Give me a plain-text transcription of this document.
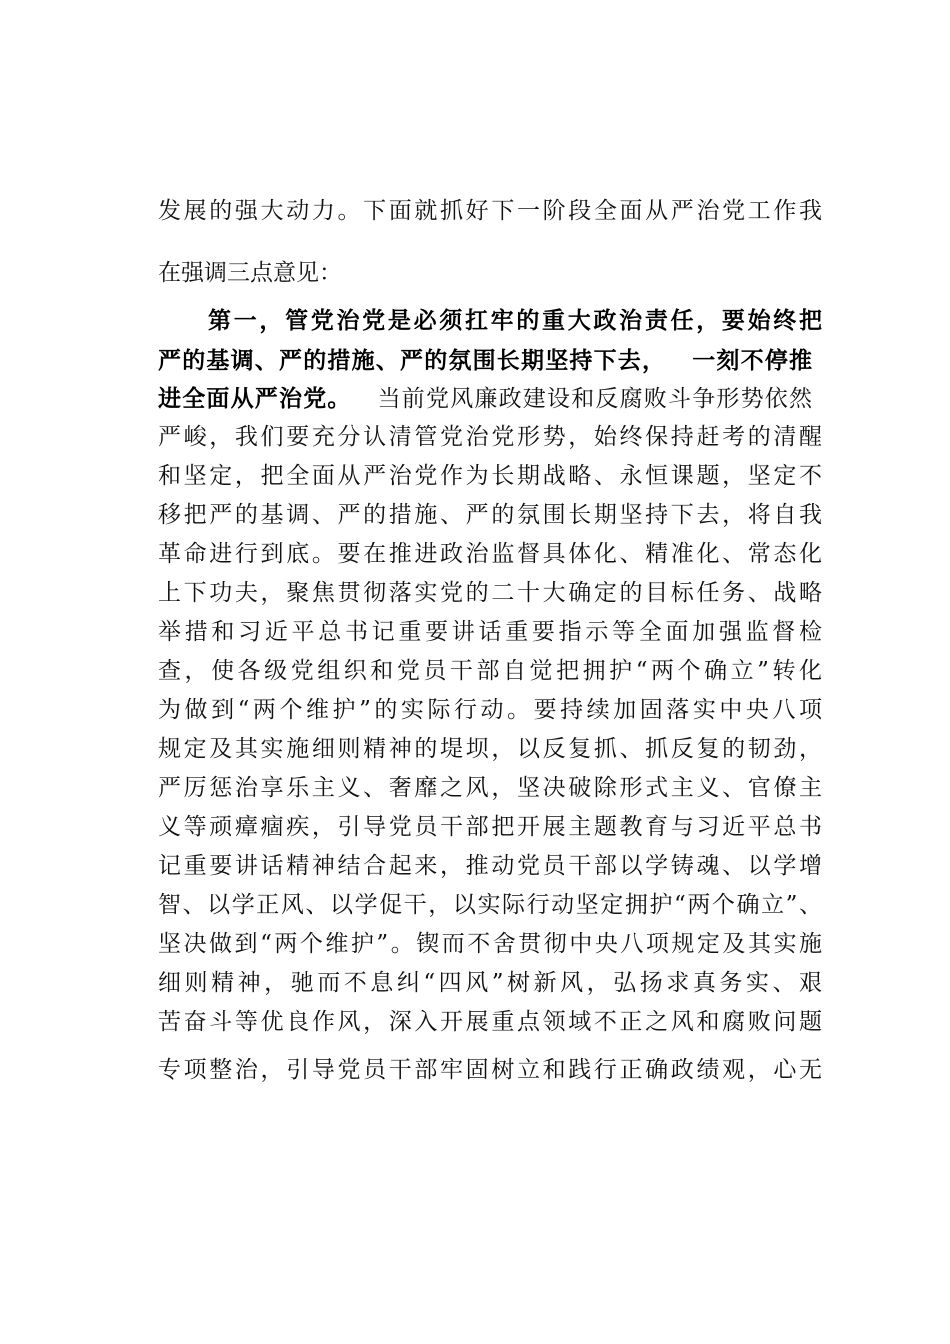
发展的强大动力。下面就抓好下一阶段全面从严治党工作我
在强调三点意见：
第一，管党治党是必须扛牢的重大政治责任，要始终把
严的基调、严的措施、严的氛围长期坚持下去， 一刻不停推
进全面从严治党。 当前党风廉政建设和反腐败斗争形势依然
严峻，我们要充分认清管党治党形势，始终保持赶考的清醒
和坚定，把全面从严治党作为长期战略、永恒课题，坚定不
移把严的基调、严的措施、严的氛围长期坚持下去，将自我
革命进行到底。要在推进政治监督具体化、精准化、常态化
上下功夫，聚焦贯彻落实党的二十大确定的目标任务、战略
举措和习近平总书记重要讲话重要指示等全面加强监督检
查，使各级党组织和党员干部自觉把拥护“两个确立”转化
为做到“两个维护”的实际行动。要持续加固落实中央八项
规定及其实施细则精神的堤坝，以反复抓、抓反复的韧劲，
严厉惩治享乐主义、奢靡之风，坚决破除形式主义、官僚主
义等顽瘴痼疾，引导党员干部把开展主题教育与习近平总书
记重要讲话精神结合起来，推动党员干部以学铸魂、以学增
智、以学正风、以学促干，以实际行动坚定拥护“两个确立”、
坚决做到“两个维护”。锲而不舍贯彻中央八项规定及其实施
细则精神，驰而不息纠“四风”树新风，弘扬求真务实、艰
苦奋斗等优良作风，深入开展重点领域不正之风和腐败问题
专项整治，引导党员干部牢固树立和践行正确政绩观，心无
